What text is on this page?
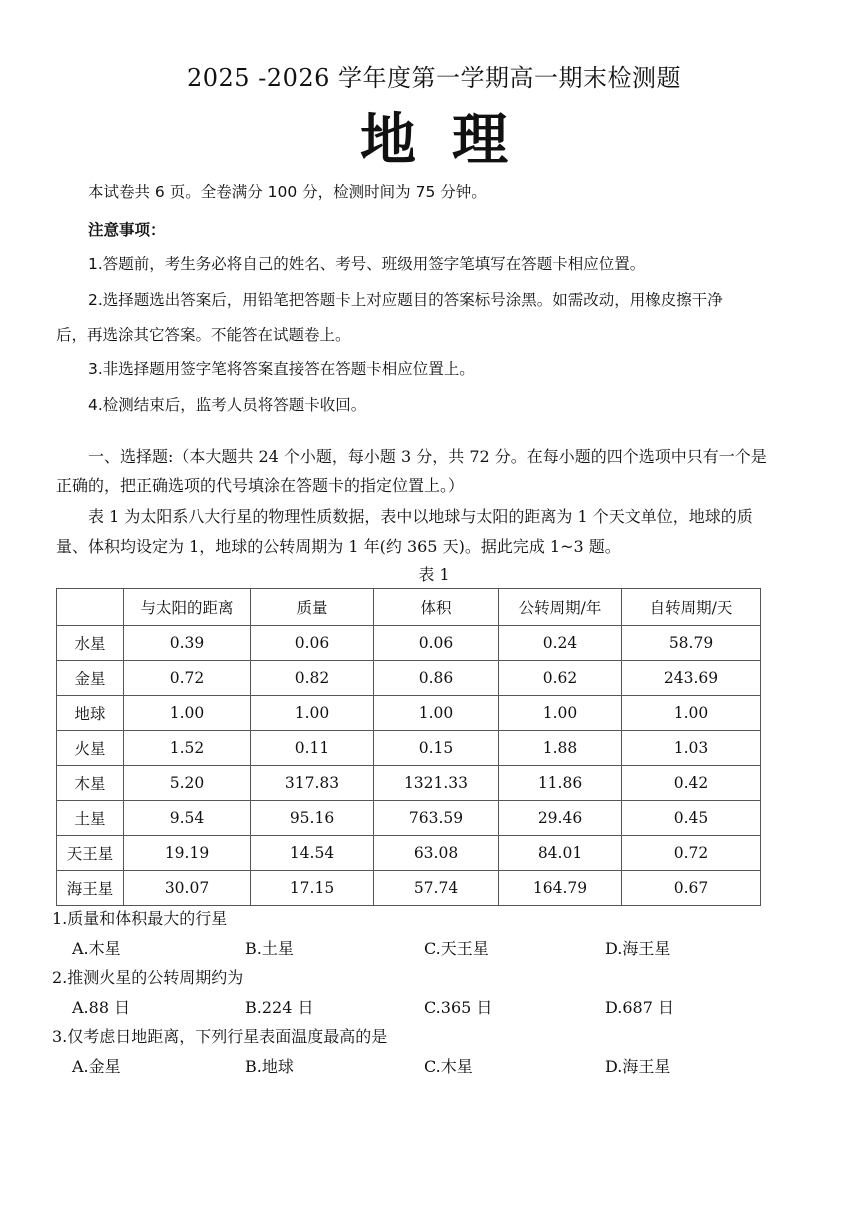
2025 -2026 学年度第一学期高一期末检测题
地理
本试卷共 6 页。全卷满分 100 分，检测时间为 75 分钟。
注意事项：
1.答题前，考生务必将自己的姓名、考号、班级用签字笔填写在答题卡相应位置。
2.选择题选出答案后，用铅笔把答题卡上对应题目的答案标号涂黑。如需改动，用橡皮擦干净
后，再选涂其它答案。不能答在试题卷上。
3.非选择题用签字笔将答案直接答在答题卡相应位置上。
4.检测结束后，监考人员将答题卡收回。
一、选择题:（本大题共 24 个小题，每小题 3 分，共 72 分。在每小题的四个选项中只有一个是
正确的，把正确选项的代号填涂在答题卡的指定位置上。）
表 1 为太阳系八大行星的物理性质数据，表中以地球与太阳的距离为 1 个天文单位，地球的质
量、体积均设定为 1，地球的公转周期为 1 年(约 365 天)。据此完成 1~3 题。
表 1
	与太阳的距离	质量	体积	公转周期/年	自转周期/天
水星	0.39	0.06	0.06	0.24	58.79
金星	0.72	0.82	0.86	0.62	243.69
地球	1.00	1.00	1.00	1.00	1.00
火星	1.52	0.11	0.15	1.88	1.03
木星	5.20	317.83	1321.33	11.86	0.42
土星	9.54	95.16	763.59	29.46	0.45
天王星	19.19	14.54	63.08	84.01	0.72
海王星	30.07	17.15	57.74	164.79	0.67
1.质量和体积最大的行星
A.木星	B.土星	C.天王星	D.海王星
2.推测火星的公转周期约为
A.88 日	B.224 日	C.365 日	D.687 日
3.仅考虑日地距离，下列行星表面温度最高的是
A.金星	B.地球	C.木星	D.海王星
